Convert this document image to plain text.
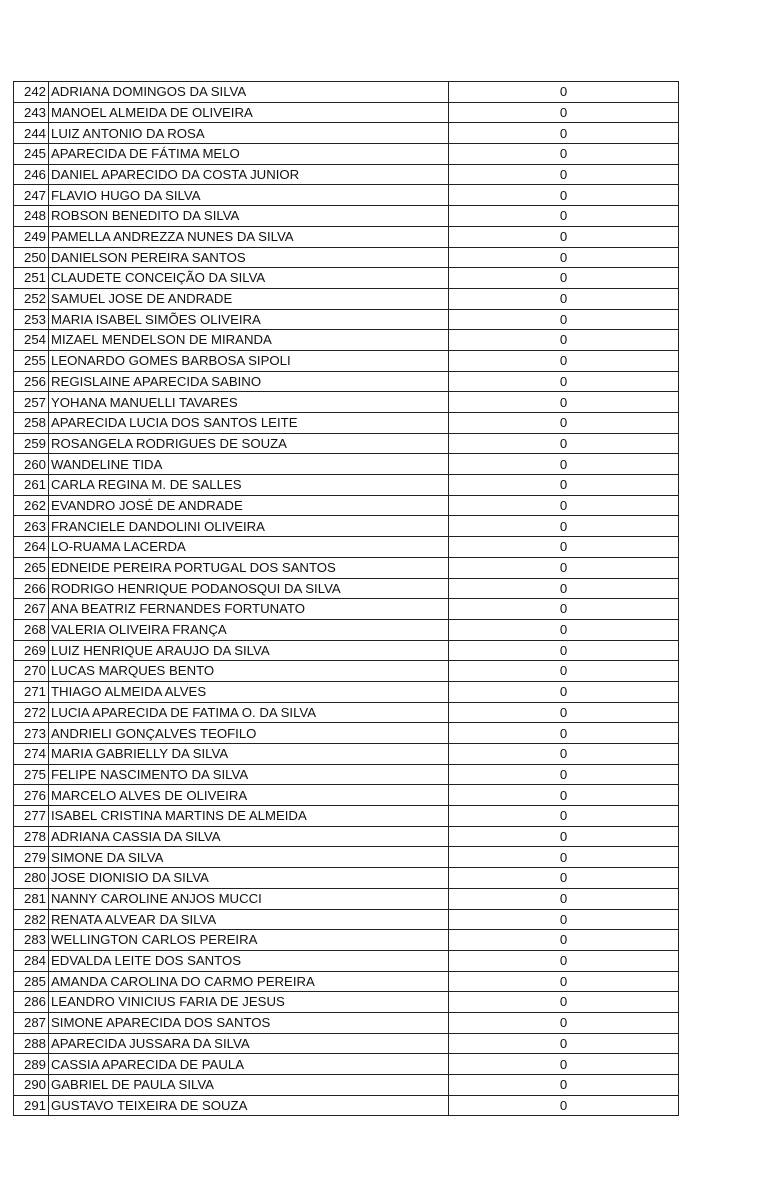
242	ADRIANA DOMINGOS DA SILVA	0
243	MANOEL ALMEIDA DE OLIVEIRA	0
244	LUIZ ANTONIO DA ROSA	0
245	APARECIDA DE FÁTIMA MELO	0
246	DANIEL APARECIDO DA COSTA JUNIOR	0
247	FLAVIO HUGO DA SILVA	0
248	ROBSON BENEDITO DA SILVA	0
249	PAMELLA ANDREZZA NUNES DA SILVA	0
250	DANIELSON PEREIRA SANTOS	0
251	CLAUDETE CONCEIÇÃO DA SILVA	0
252	SAMUEL JOSE DE ANDRADE	0
253	MARIA ISABEL SIMÕES OLIVEIRA	0
254	MIZAEL MENDELSON DE MIRANDA	0
255	LEONARDO GOMES BARBOSA SIPOLI	0
256	REGISLAINE APARECIDA SABINO	0
257	YOHANA MANUELLI TAVARES	0
258	APARECIDA LUCIA DOS SANTOS LEITE	0
259	ROSANGELA RODRIGUES DE SOUZA	0
260	WANDELINE TIDA	0
261	CARLA REGINA M. DE SALLES	0
262	EVANDRO JOSÉ DE ANDRADE	0
263	FRANCIELE DANDOLINI OLIVEIRA	0
264	LO-RUAMA LACERDA	0
265	EDNEIDE PEREIRA PORTUGAL DOS SANTOS	0
266	RODRIGO HENRIQUE PODANOSQUI DA SILVA	0
267	ANA BEATRIZ FERNANDES FORTUNATO	0
268	VALERIA OLIVEIRA FRANÇA	0
269	LUIZ HENRIQUE ARAUJO DA SILVA	0
270	LUCAS MARQUES BENTO	0
271	THIAGO ALMEIDA ALVES	0
272	LUCIA APARECIDA DE FATIMA O. DA SILVA	0
273	ANDRIELI GONÇALVES TEOFILO	0
274	MARIA GABRIELLY DA SILVA	0
275	FELIPE NASCIMENTO DA SILVA	0
276	MARCELO ALVES DE OLIVEIRA	0
277	ISABEL CRISTINA MARTINS DE ALMEIDA	0
278	ADRIANA CASSIA DA SILVA	0
279	SIMONE DA SILVA	0
280	JOSE DIONISIO DA SILVA	0
281	NANNY CAROLINE ANJOS MUCCI	0
282	RENATA ALVEAR DA SILVA	0
283	WELLINGTON CARLOS PEREIRA	0
284	EDVALDA LEITE DOS SANTOS	0
285	AMANDA CAROLINA DO CARMO PEREIRA	0
286	LEANDRO VINICIUS FARIA DE JESUS	0
287	SIMONE APARECIDA DOS SANTOS	0
288	APARECIDA JUSSARA DA SILVA	0
289	CASSIA APARECIDA DE PAULA	0
290	GABRIEL DE PAULA SILVA	0
291	GUSTAVO TEIXEIRA DE SOUZA	0
